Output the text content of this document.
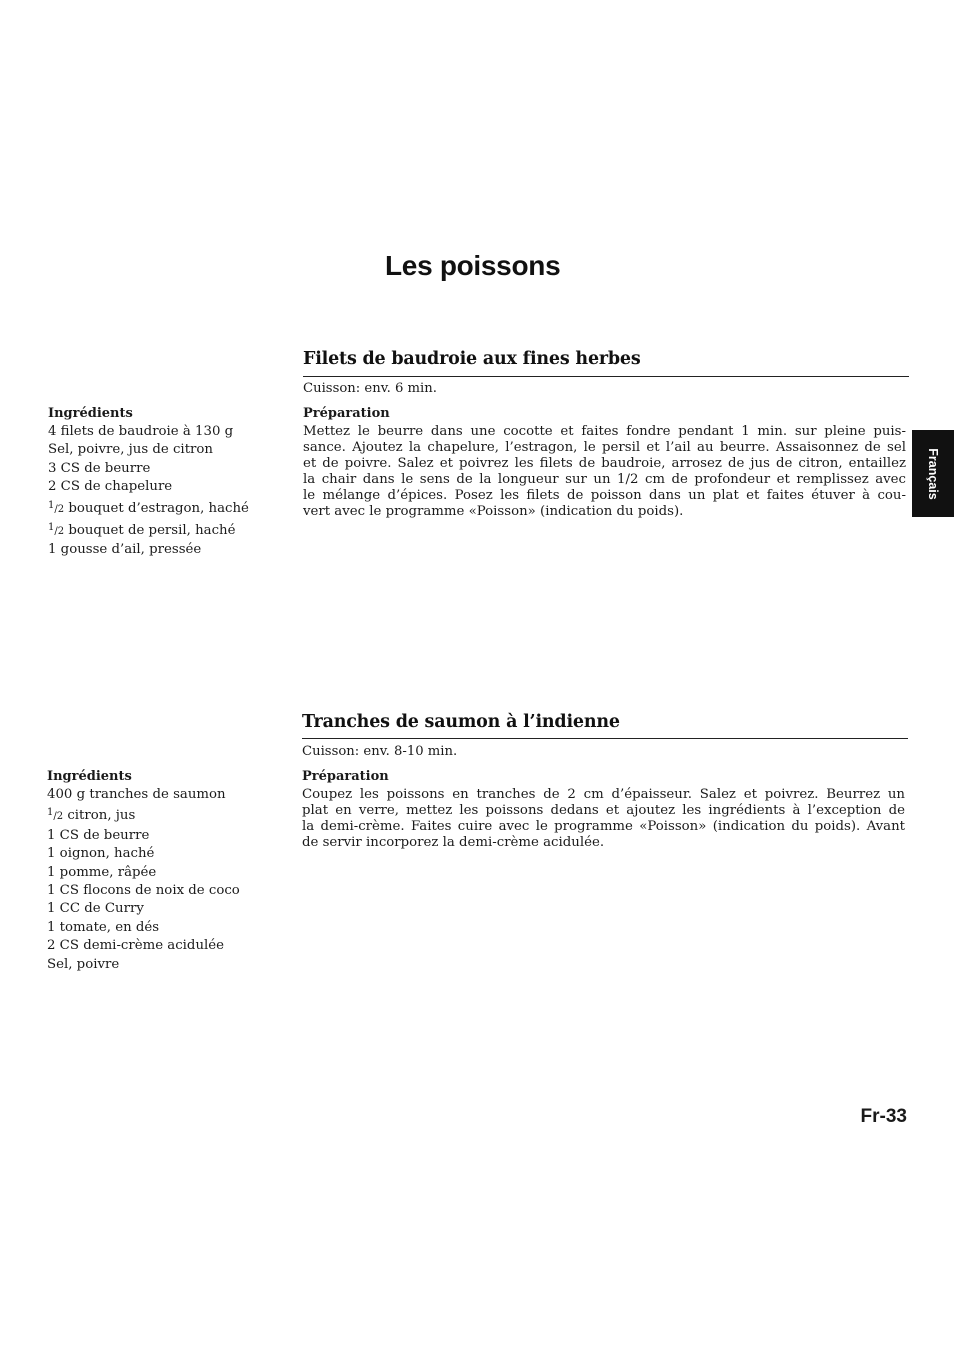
Les poissons
Filets de baudroie aux fines herbes
Cuisson: env. 6 min.
Ingrédients
4 filets de baudroie à 130 g
Sel, poivre, jus de citron
3 CS de beurre
2 CS de chapelure
$^1$/2 bouquet d’estragon, haché
$^1$/2 bouquet de persil, haché
1 gousse d’ail, pressée
Préparation
Mettez le beurre dans une cocotte et faites fondre pendant 1 min. sur pleine puis-
sance. Ajoutez la chapelure, l’estragon, le persil et l’ail au beurre. Assaisonnez de sel
et de poivre. Salez et poivrez les filets de baudroie, arrosez de jus de citron, entaillez
la chair dans le sens de la longueur sur un 1/2 cm de profondeur et remplissez avec
le mélange d’épices. Posez les filets de poisson dans un plat et faites étuver à cou-
vert avec le programme «Poisson» (indication du poids).
Tranches de saumon à l’indienne
Cuisson: env. 8-10 min.
Ingrédients
400 g tranches de saumon
$^1$/2 citron, jus
1 CS de beurre
1 oignon, haché
1 pomme, râpée
1 CS flocons de noix de coco
1 CC de Curry
1 tomate, en dés
2 CS demi-crème acidulée
Sel, poivre
Préparation
Coupez les poissons en tranches de 2 cm d’épaisseur. Salez et poivrez. Beurrez un
plat en verre, mettez les poissons dedans et ajoutez les ingrédients à l’exception de
la demi-crème. Faites cuire avec le programme «Poisson» (indication du poids). Avant
de servir incorporez la demi-crème acidulée.
Français
Fr-33
